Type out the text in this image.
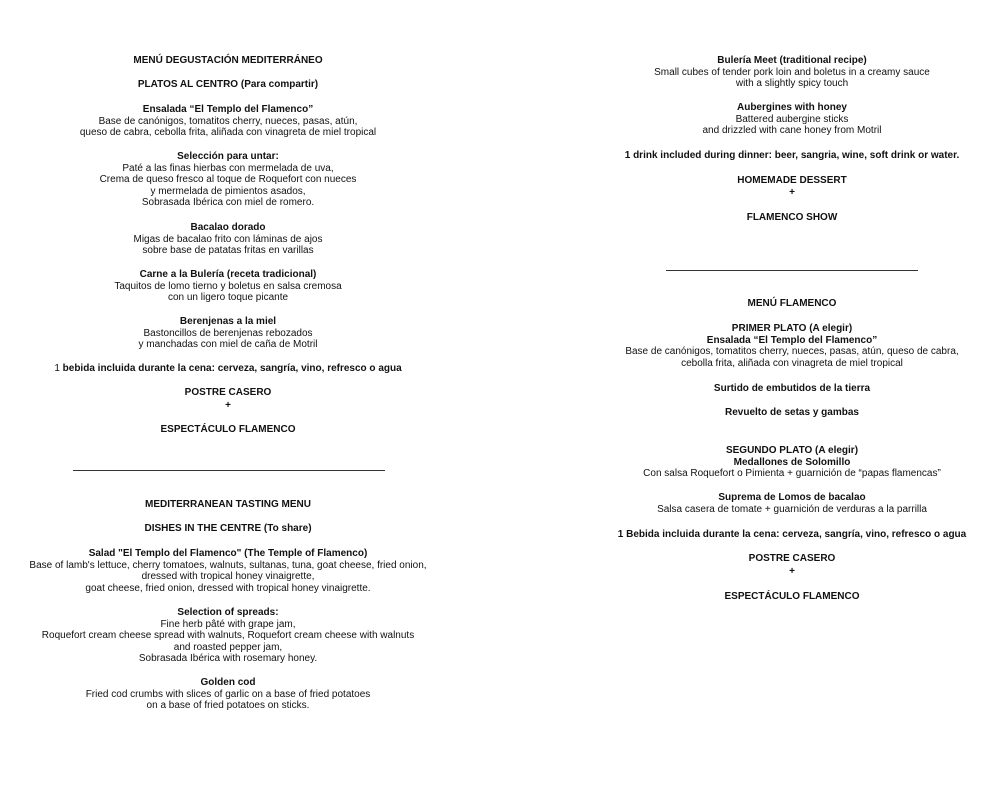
MENÚ DEGUSTACIÓN MEDITERRÁNEO
PLATOS AL CENTRO (Para compartir)
Ensalada “El Templo del Flamenco”
Base de canónigos, tomatitos cherry, nueces, pasas, atún,
queso de cabra, cebolla frita, aliñada con vinagreta de miel tropical
Selección para untar:
Paté a las finas hierbas con mermelada de uva,
Crema de queso fresco al toque de Roquefort con nueces
y mermelada de pimientos asados,
Sobrasada Ibérica con miel de romero.
Bacalao dorado
Migas de bacalao frito con láminas de ajos
sobre base de patatas fritas en varillas
Carne a la Bulería (receta tradicional)
Taquitos de lomo tierno y boletus en salsa cremosa
con un ligero toque picante
Berenjenas a la miel
Bastoncillos de berenjenas rebozados
y manchadas con miel de caña de Motril
1 bebida incluida durante la cena: cerveza, sangría, vino, refresco o agua
POSTRE CASERO
+
ESPECTÁCULO FLAMENCO
MEDITERRANEAN TASTING MENU
DISHES IN THE CENTRE (To share)
Salad "El Templo del Flamenco" (The Temple of Flamenco)
Base of lamb's lettuce, cherry tomatoes, walnuts, sultanas, tuna, goat cheese, fried onion,
dressed with tropical honey vinaigrette,
goat cheese, fried onion, dressed with tropical honey vinaigrette.
Selection of spreads:
Fine herb pâté with grape jam,
Roquefort cream cheese spread with walnuts, Roquefort cream cheese with walnuts
and roasted pepper jam,
Sobrasada Ibérica with rosemary honey.
Golden cod
Fried cod crumbs with slices of garlic on a base of fried potatoes
on a base of fried potatoes on sticks.
Bulería Meet (traditional recipe)
Small cubes of tender pork loin and boletus in a creamy sauce
with a slightly spicy touch
Aubergines with honey
Battered aubergine sticks
and drizzled with cane honey from Motril
1 drink included during dinner: beer, sangria, wine, soft drink or water.
HOMEMADE DESSERT
+
FLAMENCO SHOW
MENÚ FLAMENCO
PRIMER PLATO (A elegir)
Ensalada “El Templo del Flamenco”
Base de canónigos, tomatitos cherry, nueces, pasas, atún, queso de cabra,
cebolla frita, aliñada con vinagreta de miel tropical
Surtido de embutidos de la tierra
Revuelto de setas y gambas
SEGUNDO PLATO (A elegir)
Medallones de Solomillo
Con salsa Roquefort o Pimienta + guarnición de “papas flamencas”
Suprema de Lomos de bacalao
Salsa casera de tomate + guarnición de verduras a la parrilla
1 Bebida incluida durante la cena: cerveza, sangría, vino, refresco o agua
POSTRE CASERO
+
ESPECTÁCULO FLAMENCO
